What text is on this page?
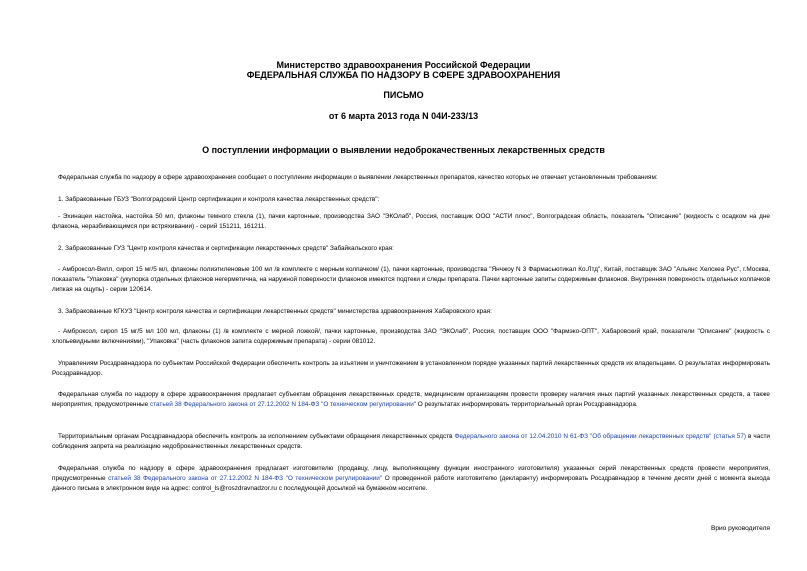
Министерство здравоохранения Российской Федерации
ФЕДЕРАЛЬНАЯ СЛУЖБА ПО НАДЗОРУ В СФЕРЕ ЗДРАВООХРАНЕНИЯ
ПИСЬМО
от 6 марта 2013 года N 04И-233/13
О поступлении информации о выявлении недоброкачественных лекарственных средств
Федеральная служба по надзору в сфере здравоохранения сообщает о поступлении информации о выявлении лекарственных препаратов, качество которых не отвечает установленным требованиям:
1. Забракованные ГБУЗ "Волгоградский Центр сертификации и контроля качества лекарственных средств":
- Эхинацеи настойка, настойка 50 мл, флаконы темного стекла (1), пачки картонные, производства ЗАО "ЭКОлаб", Россия, поставщик ООО "АСТИ плюс", Волгоградская область, показатель "Описание" (жидкость с осадком на дне флакона, неразбивающимся при встряхивании) - серий 151211, 161211.
2. Забракованные ГУЗ "Центр контроля качества и сертификации лекарственных средств" Забайкальского края:
- Амброксол-Вилл, сироп 15 мг/5 мл, флаконы полиэтиленовые 100 мл /в комплекте с мерным колпачком/ (1), пачки картонные, производства "Янчжоу N 3 Фармасьютикал Ко.Лтд", Китай, поставщик ЗАО "Альянс Хелскеа Рус", г.Москва, показатель "Упаковка" (укупорка отдельных флаконов негерметична, на наружной поверхности флаконов имеются подтеки и следы препарата. Пачки картонные запиты содержимым флаконов. Внутренняя поверхность отдельных колпачков липкая на ощупь) - серии 120614.
3. Забракованные КГКУЗ "Центр контроля качества и сертификации лекарственных средств" министерства здравоохранения Хабаровского края:
- Амброксол, сироп 15 мг/5 мл 100 мл, флаконы (1) /в комплекте с мерной ложкой/, пачки картонные, производства ЗАО "ЭКОлаб", Россия, поставщик ООО "Фармэко-ОПТ", Хабаровский край, показатели "Описание" (жидкость с хлопьевидными включениями), "Упаковка" (часть флаконов запита содержимым препарата) - серии 081012.
Управлениям Росздравнадзора по субъектам Российской Федерации обеспечить контроль за изъятием и уничтожением в установленном порядке указанных партий лекарственных средств их владельцами. О результатах информировать Росздравнадзор.
Федеральная служба по надзору в сфере здравоохранения предлагает субъектам обращения лекарственных средств, медицинским организациям провести проверку наличия иных партий указанных лекарственных средств, а также мероприятия, предусмотренные статьей 38 Федерального закона от 27.12.2002 N 184-ФЗ "О техническом регулировании" О результатах информировать территориальный орган Росздравнадзора.
Территориальным органам Росздравнадзора обеспечить контроль за исполнением субъектами обращения лекарственных средств Федерального закона от 12.04.2010 N 61-ФЗ "Об обращении лекарственных средств" (статья 57) в части соблюдения запрета на реализацию недоброкачественных лекарственных средств.
Федеральная служба по надзору в сфере здравоохранения предлагает изготовителю (продавцу, лицу, выполняющему функции иностранного изготовителя) указанных серий лекарственных средств провести мероприятия, предусмотренные статьей 38 Федерального закона от 27.12.2002 N 184-ФЗ "О техническом регулировании" О проведенной работе изготовителю (декларанту) информировать Росздравнадзор в течение десяти дней с момента выхода данного письма в электронном виде на адрес: control_ls@roszdravnadzor.ru с последующей досылкой на бумажном носителе.
Врио руководителя
